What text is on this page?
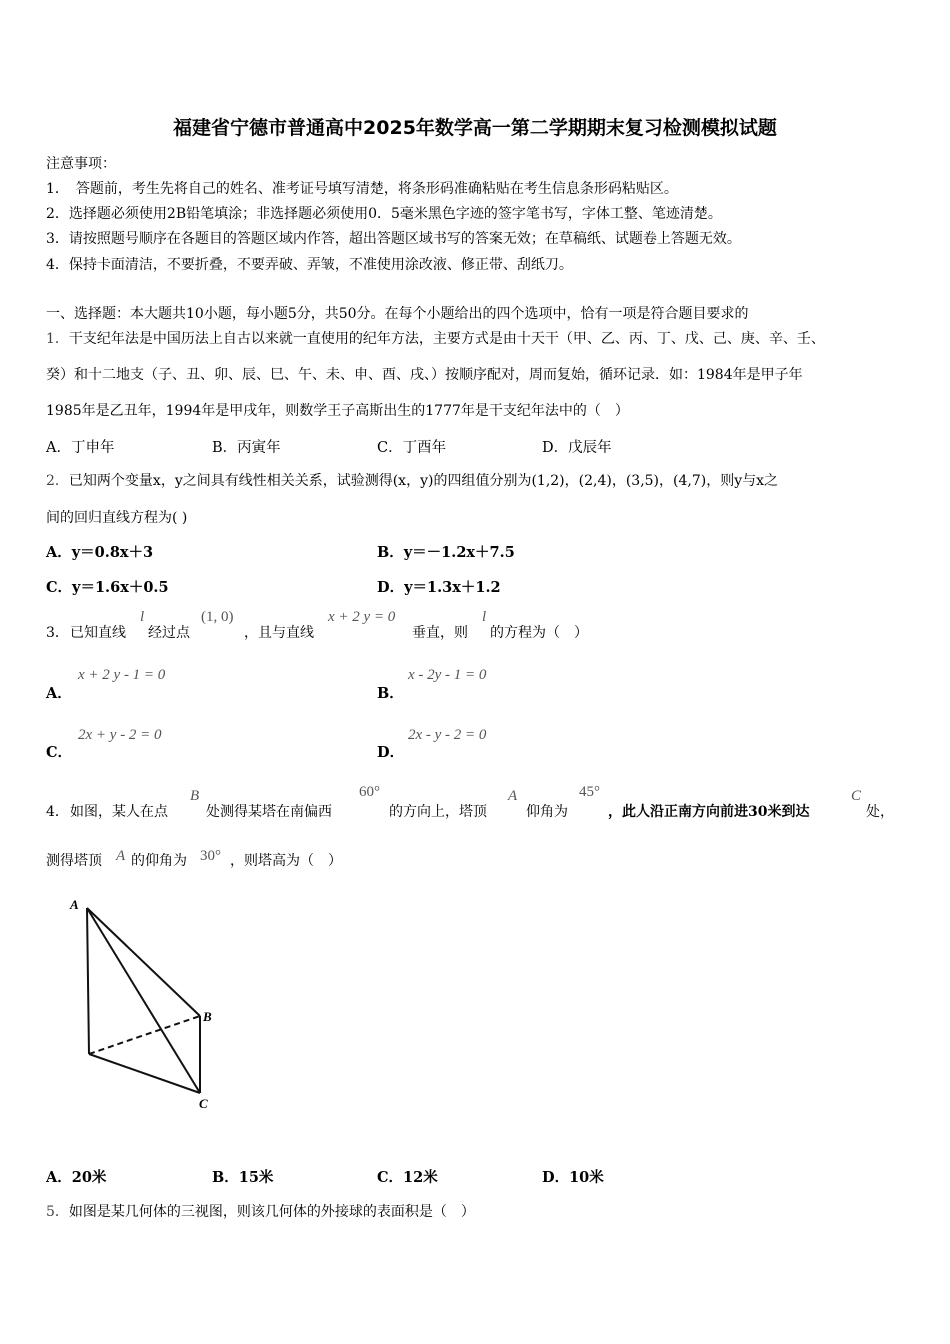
福建省宁德市普通高中2025年数学高一第二学期期末复习检测模拟试题
注意事项：
1．　答题前，考生先将自己的姓名、准考证号填写清楚，将条形码准确粘贴在考生信息条形码粘贴区。
2．选择题必须使用2B铅笔填涂；非选择题必须使用0．5毫米黑色字迹的签字笔书写，字体工整、笔迹清楚。
3．请按照题号顺序在各题目的答题区域内作答，超出答题区域书写的答案无效；在草稿纸、试题卷上答题无效。
4．保持卡面清洁，不要折叠，不要弄破、弄皱，不准使用涂改液、修正带、刮纸刀。
一、选择题：本大题共10小题，每小题5分，共50分。在每个小题给出的四个选项中，恰有一项是符合题目要求的
1．干支纪年法是中国历法上自古以来就一直使用的纪年方法，主要方式是由十天干（甲、乙、丙、丁、戊、己、庚、辛、壬、
癸）和十二地支（子、丑、卯、辰、巳、午、未、申、酉、戌、）按顺序配对，周而复始，循环记录．如：1984年是甲子年
1985年是乙丑年，1994年是甲戌年，则数学王子高斯出生的1777年是干支纪年法中的（　）
A．丁申年	B．丙寅年	C．丁酉年	D．戊辰年
2．已知两个变量x，y之间具有线性相关关系，试验测得(x，y)的四组值分别为(1,2)，(2,4)，(3,5)，(4,7)，则y与x之
间的回归直线方程为( )
A．y＝0.8x＋3	B．y＝－1.2x＋7.5
C．y＝1.6x＋0.5	D．y＝1.3x＋1.2
3． 已知直线
l
经过点
(1, 0)
，且与直线
x + 2 y = 0
垂直，则
l
的方程为（　）
A．
x + 2 y - 1 = 0
B．
x - 2y - 1 = 0
C．
2x + y - 2 = 0
D．
2x - y - 2 = 0
4． 如图，某人在点
B
处测得某塔在南偏西
60°
的方向上，塔顶
A
仰角为
45°
，此人沿正南方向前进30米到达
C
处，
测得塔顶 A 的仰角为 30° ，则塔高为（　）
A
B
C
A．20米	B．15米	C．12米	D．10米
5．如图是某几何体的三视图，则该几何体的外接球的表面积是（　）
